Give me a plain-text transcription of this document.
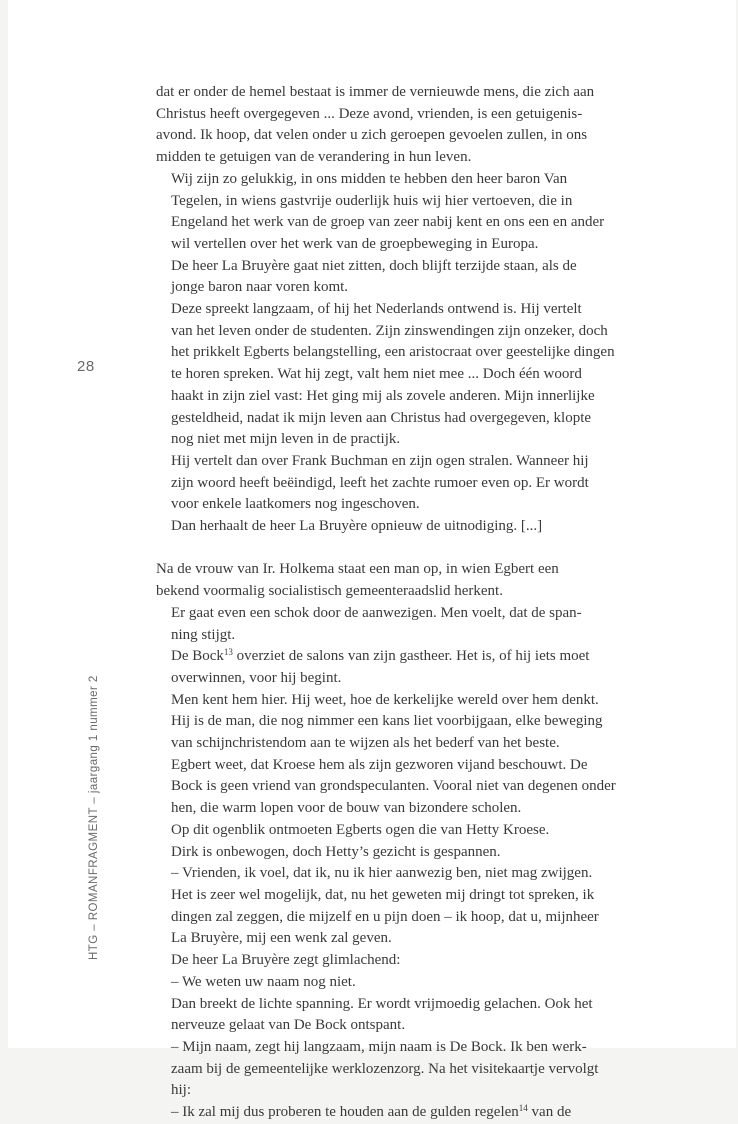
28
HTG – ROMANFRAGMENT – jaargang 1 nummer 2

dat er onder de hemel bestaat is immer de vernieuwde mens, die zich aan
Christus heeft overgegeven ... Deze avond, vrienden, is een getuigenis-
avond. Ik hoop, dat velen onder u zich geroepen gevoelen zullen, in ons
midden te getuigen van de verandering in hun leven.

Wij zijn zo gelukkig, in ons midden te hebben den heer baron Van
Tegelen, in wiens gastvrije ouderlijk huis wij hier vertoeven, die in
Engeland het werk van de groep van zeer nabij kent en ons een en ander
wil vertellen over het werk van de groepbeweging in Europa.

De heer La Bruyère gaat niet zitten, doch blijft terzijde staan, als de
jonge baron naar voren komt.

Deze spreekt langzaam, of hij het Nederlands ontwend is. Hij vertelt
van het leven onder de studenten. Zijn zinswendingen zijn onzeker, doch
het prikkelt Egberts belangstelling, een aristocraat over geestelijke dingen
te horen spreken. Wat hij zegt, valt hem niet mee ... Doch één woord
haakt in zijn ziel vast: Het ging mij als zovele anderen. Mijn innerlijke
gesteldheid, nadat ik mijn leven aan Christus had overgegeven, klopte
nog niet met mijn leven in de practijk.

Hij vertelt dan over Frank Buchman en zijn ogen stralen. Wanneer hij
zijn woord heeft beëindigd, leeft het zachte rumoer even op. Er wordt
voor enkele laatkomers nog ingeschoven.

Dan herhaalt de heer La Bruyère opnieuw de uitnodiging. [...]

Na de vrouw van Ir. Holkema staat een man op, in wien Egbert een
bekend voormalig socialistisch gemeenteraadslid herkent.

Er gaat even een schok door de aanwezigen. Men voelt, dat de span-
ning stijgt.

De Bock$^{13}$ overziet de salons van zijn gastheer. Het is, of hij iets moet
overwinnen, voor hij begint.

Men kent hem hier. Hij weet, hoe de kerkelijke wereld over hem denkt.
Hij is de man, die nog nimmer een kans liet voorbijgaan, elke beweging
van schijnchristendom aan te wijzen als het bederf van het beste.

Egbert weet, dat Kroese hem als zijn gezworen vijand beschouwt. De
Bock is geen vriend van grondspeculanten. Vooral niet van degenen onder
hen, die warm lopen voor de bouw van bizondere scholen.

Op dit ogenblik ontmoeten Egberts ogen die van Hetty Kroese.

Dirk is onbewogen, doch Hetty’s gezicht is gespannen.

– Vrienden, ik voel, dat ik, nu ik hier aanwezig ben, niet mag zwijgen.
Het is zeer wel mogelijk, dat, nu het geweten mij dringt tot spreken, ik
dingen zal zeggen, die mijzelf en u pijn doen – ik hoop, dat u, mijnheer
La Bruyère, mij een wenk zal geven.

De heer La Bruyère zegt glimlachend:

– We weten uw naam nog niet.

Dan breekt de lichte spanning. Er wordt vrijmoedig gelachen. Ook het
nerveuze gelaat van De Bock ontspant.

– Mijn naam, zegt hij langzaam, mijn naam is De Bock. Ik ben werk-
zaam bij de gemeentelijke werklozenzorg. Na het visitekaartje vervolgt
hij:

– Ik zal mij dus proberen te houden aan de gulden regelen$^{14}$ van de
